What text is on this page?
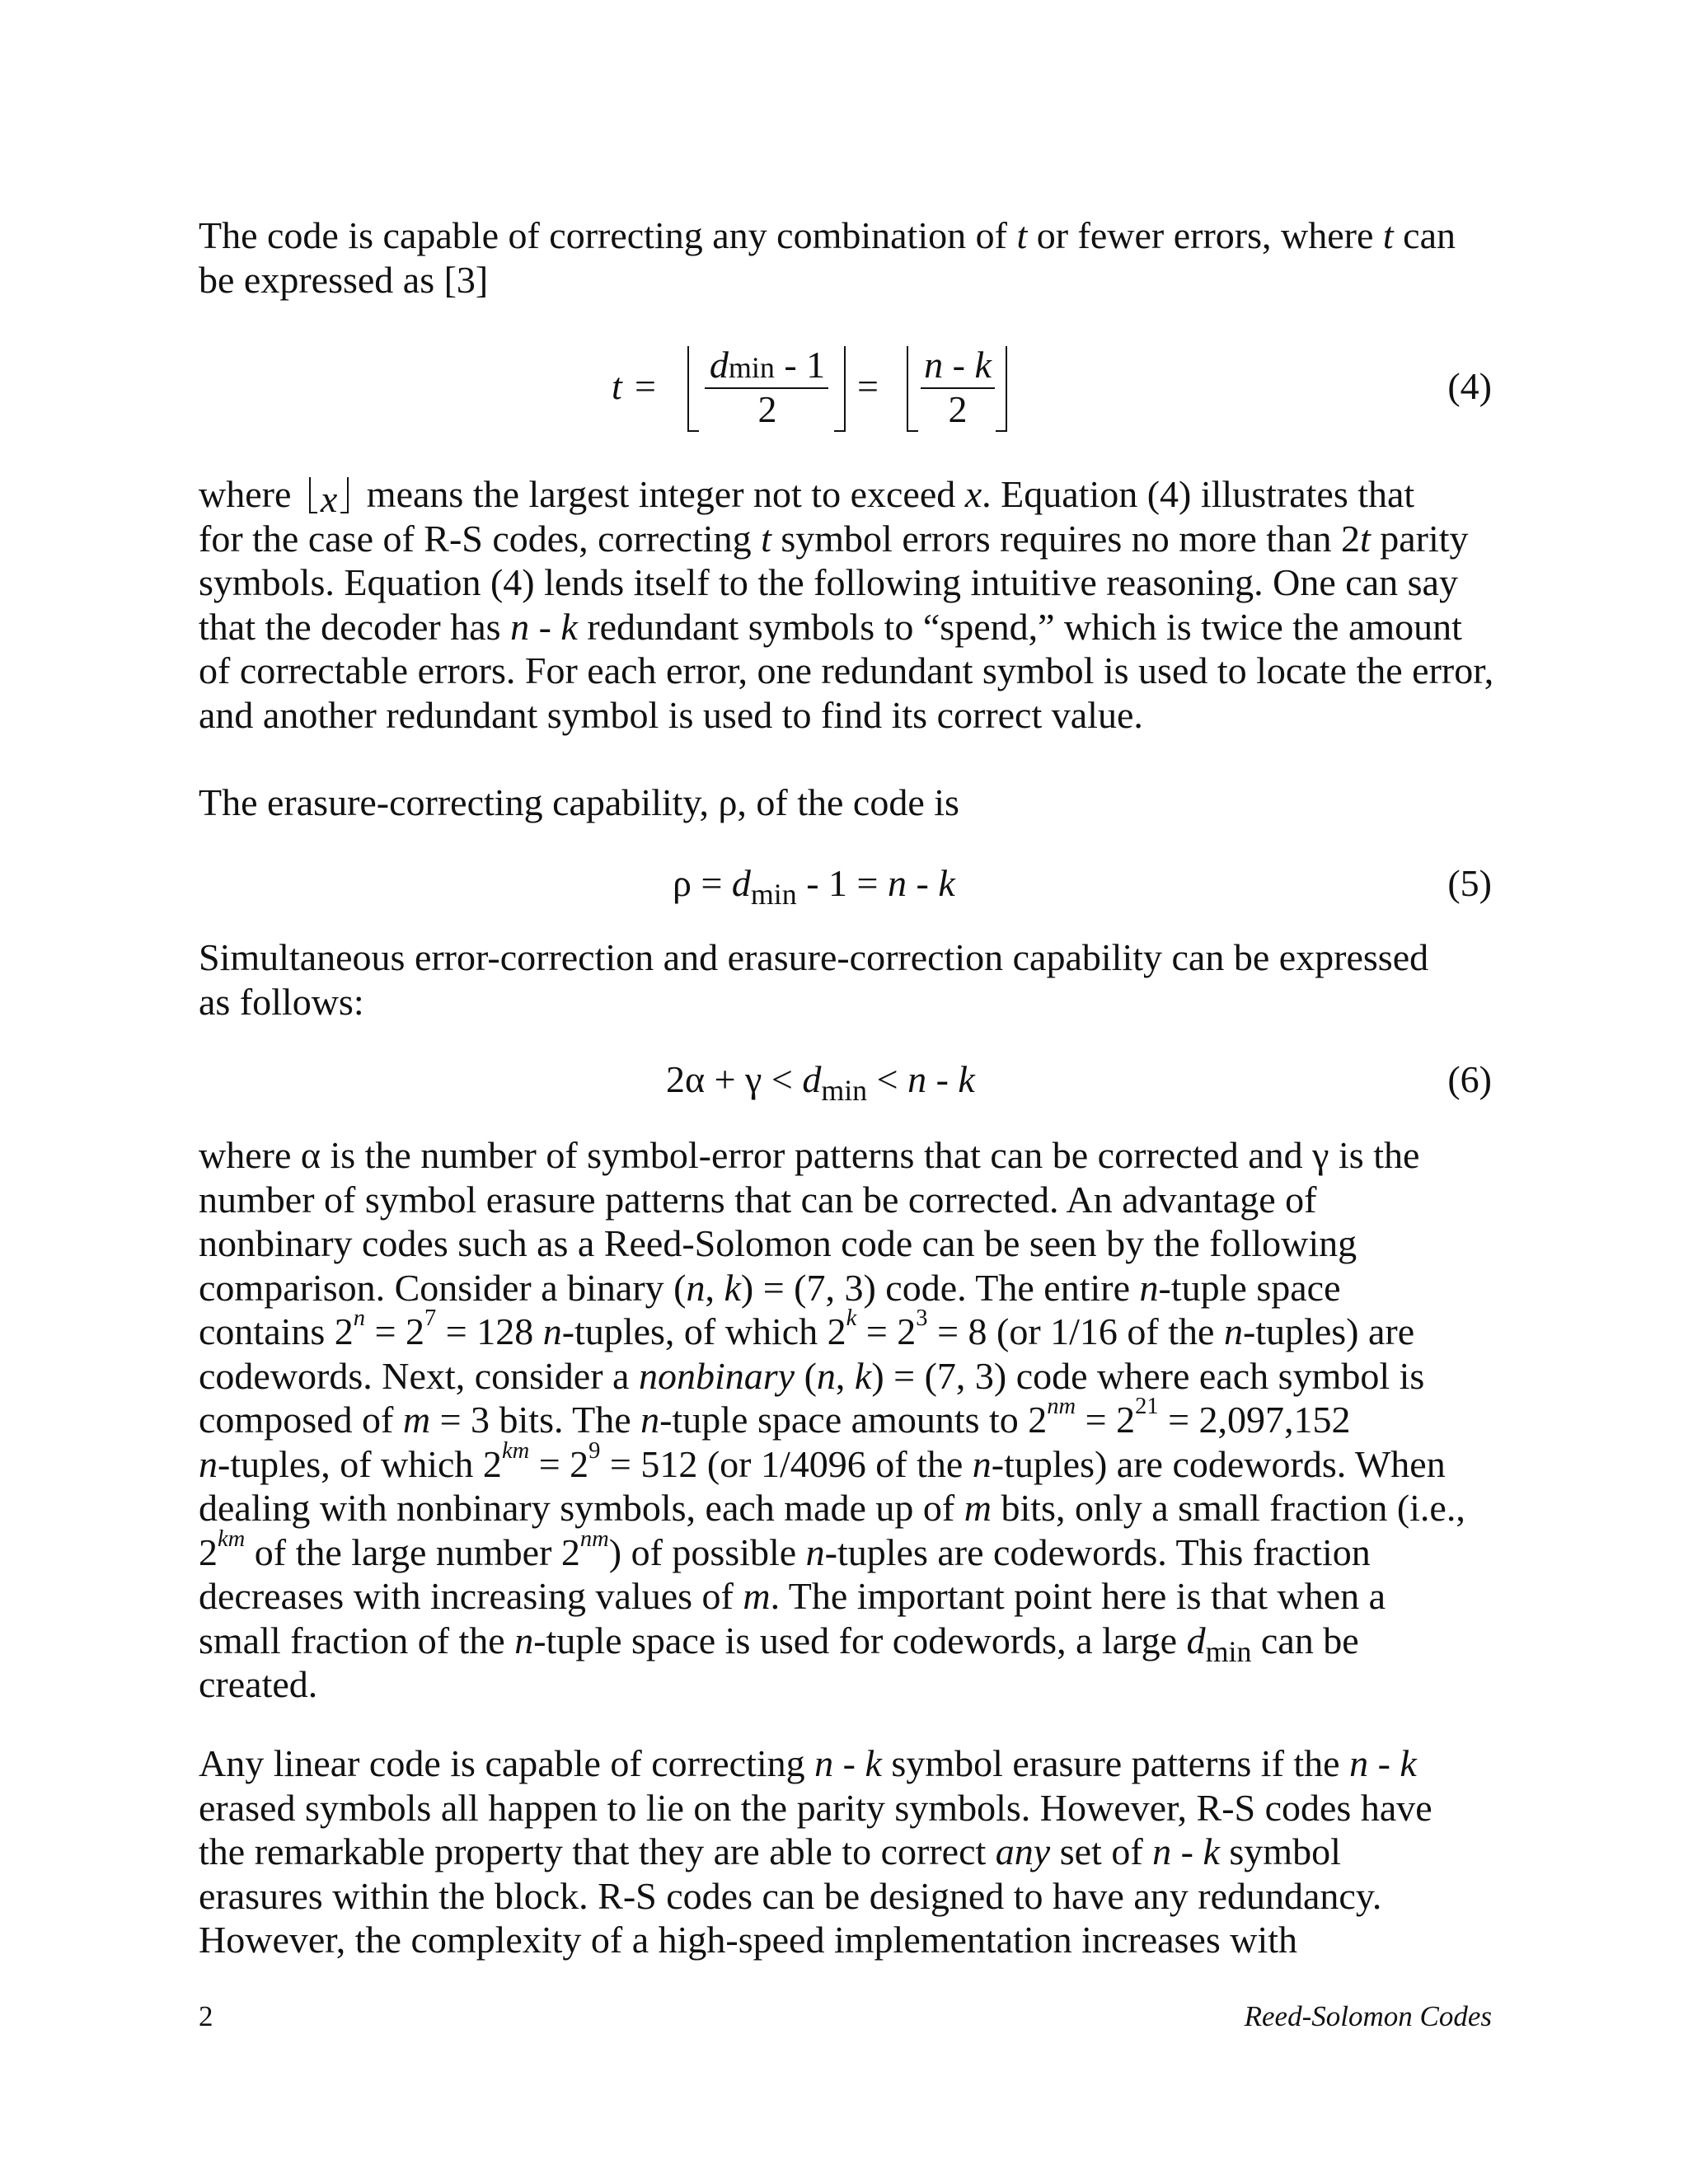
The code is capable of correcting any combination of t or fewer errors, where t can
be expressed as [3]

t =
dmin - 1
2
=
n - k
2
(4)

where
x
means the largest integer not to exceed x. Equation (4) illustrates that
for the case of R-S codes, correcting t symbol errors requires no more than 2t parity
symbols. Equation (4) lends itself to the following intuitive reasoning. One can say
that the decoder has n - k redundant symbols to “spend,” which is twice the amount
of correctable errors. For each error, one redundant symbol is used to locate the error,
and another redundant symbol is used to find its correct value.

The erasure-correcting capability, ρ, of the code is

$\rho = d_{min} - 1 = n - k$	(5)

Simultaneous error-correction and erasure-correction capability can be expressed
as follows:

$2\alpha + \gamma < d_{min} < n - k$	(6)

where α is the number of symbol-error patterns that can be corrected and γ is the
number of symbol erasure patterns that can be corrected. An advantage of
nonbinary codes such as a Reed-Solomon code can be seen by the following
comparison. Consider a binary (n, k) = (7, 3) code. The entire n-tuple space
contains $2^n = 2^7 = 128$ n-tuples, of which $2^k = 2^3 = 8$ (or 1/16 of the n-tuples) are
codewords. Next, consider a nonbinary (n, k) = (7, 3) code where each symbol is
composed of m = 3 bits. The n-tuple space amounts to $2^{nm} = 2^{21} = 2,097,152$
n-tuples, of which $2^{km} = 2^9 = 512$ (or 1/4096 of the n-tuples) are codewords. When
dealing with nonbinary symbols, each made up of m bits, only a small fraction (i.e.,
$2^{km}$ of the large number $2^{nm}$) of possible n-tuples are codewords. This fraction
decreases with increasing values of m. The important point here is that when a
small fraction of the n-tuple space is used for codewords, a large $d_{min}$ can be
created.

Any linear code is capable of correcting n - k symbol erasure patterns if the n - k
erased symbols all happen to lie on the parity symbols. However, R-S codes have
the remarkable property that they are able to correct any set of n - k symbol
erasures within the block. R-S codes can be designed to have any redundancy.
However, the complexity of a high-speed implementation increases with

2	Reed-Solomon Codes
